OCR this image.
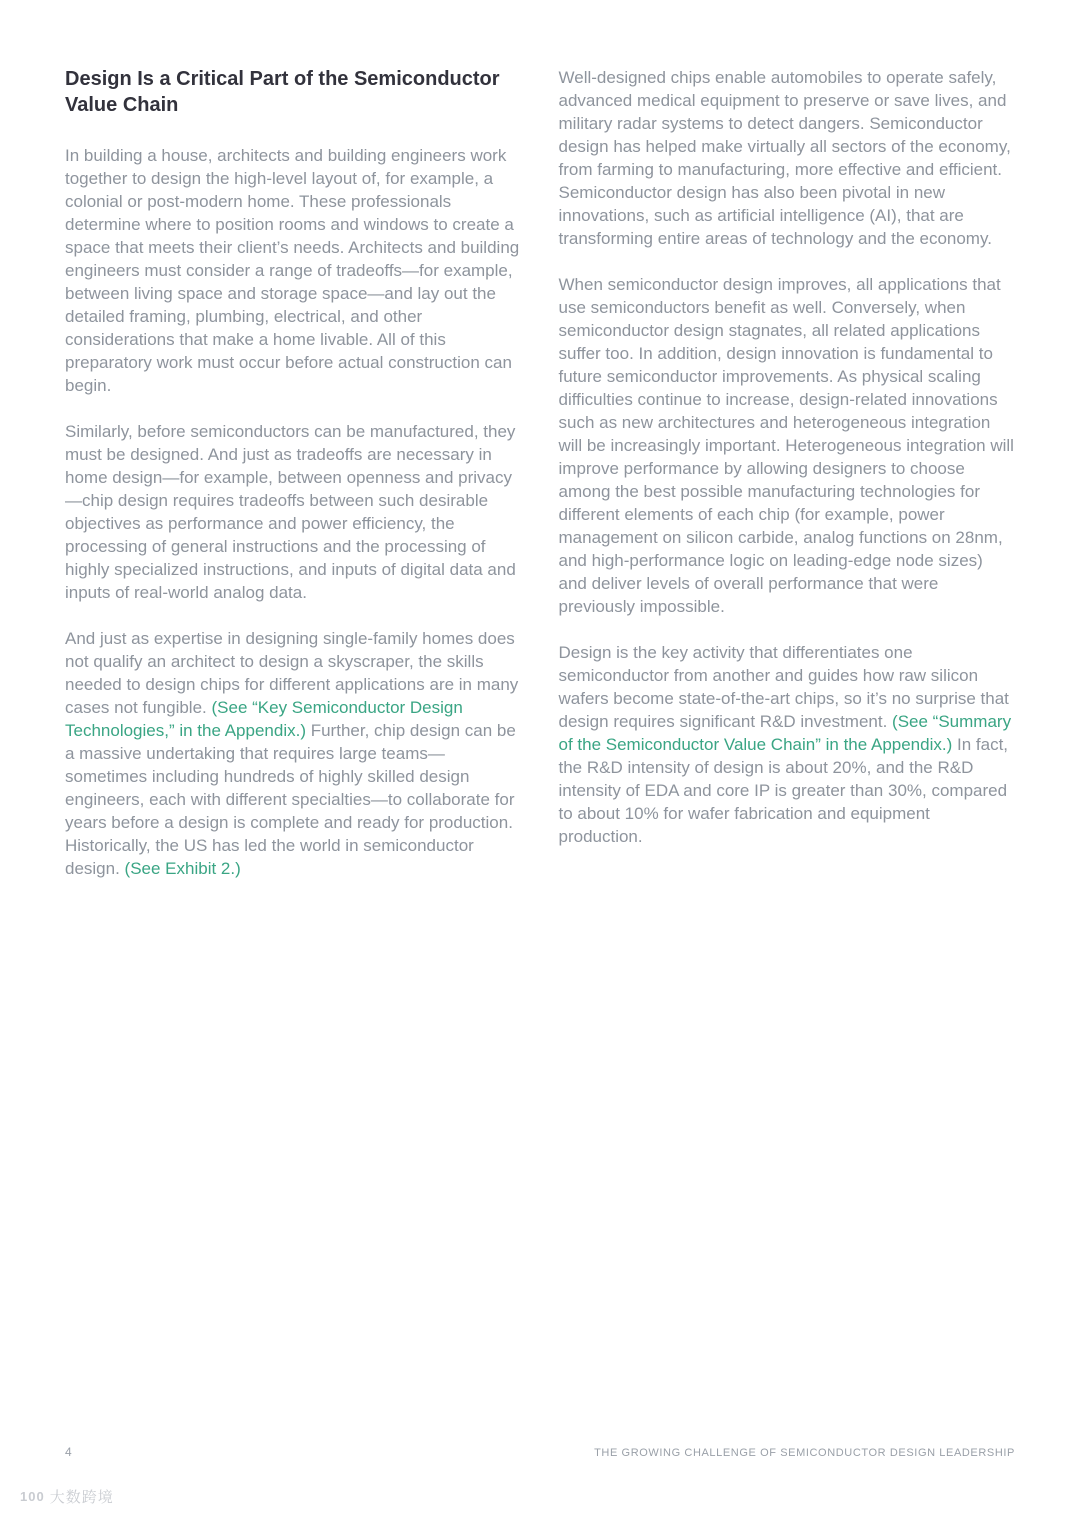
Design Is a Critical Part of the Semiconductor Value Chain

In building a house, architects and building engineers work together to design the high-level layout of, for example, a colonial or post-modern home. These professionals determine where to position rooms and windows to create a space that meets their client’s needs. Architects and building engineers must consider a range of tradeoffs—for example, between living space and storage space—and lay out the detailed framing, plumbing, electrical, and other considerations that make a home livable. All of this preparatory work must occur before actual construction can begin.

Similarly, before semiconductors can be manufactured, they must be designed. And just as tradeoffs are necessary in home design—for example, between openness and privacy—chip design requires tradeoffs between such desirable objectives as performance and power efficiency, the processing of general instructions and the processing of highly specialized instructions, and inputs of digital data and inputs of real-world analog data.

And just as expertise in designing single-family homes does not qualify an architect to design a skyscraper, the skills needed to design chips for different applications are in many cases not fungible. (See “Key Semiconductor Design Technologies,” in the Appendix.) Further, chip design can be a massive undertaking that requires large teams—sometimes including hundreds of highly skilled design engineers, each with different specialties—to collaborate for years before a design is complete and ready for production. Historically, the US has led the world in semiconductor design. (See Exhibit 2.)

Well-designed chips enable automobiles to operate safely, advanced medical equipment to preserve or save lives, and military radar systems to detect dangers. Semiconductor design has helped make virtually all sectors of the economy, from farming to manufacturing, more effective and efficient. Semiconductor design has also been pivotal in new innovations, such as artificial intelligence (AI), that are transforming entire areas of technology and the economy.

When semiconductor design improves, all applications that use semiconductors benefit as well. Conversely, when semiconductor design stagnates, all related applications suffer too. In addition, design innovation is fundamental to future semiconductor improvements. As physical scaling difficulties continue to increase, design-related innovations such as new architectures and heterogeneous integration will be increasingly important. Heterogeneous integration will improve performance by allowing designers to choose among the best possible manufacturing technologies for different elements of each chip (for example, power management on silicon carbide, analog functions on 28nm, and high-performance logic on leading-edge node sizes) and deliver levels of overall performance that were previously impossible.

Design is the key activity that differentiates one semiconductor from another and guides how raw silicon wafers become state-of-the-art chips, so it’s no surprise that design requires significant R&D investment. (See “Summary of the Semiconductor Value Chain” in the Appendix.) In fact, the R&D intensity of design is about 20%, and the R&D intensity of EDA and core IP is greater than 30%, compared to about 10% for wafer fabrication and equipment production.

4	THE GROWING CHALLENGE OF SEMICONDUCTOR DESIGN LEADERSHIP
100 大数跨境
